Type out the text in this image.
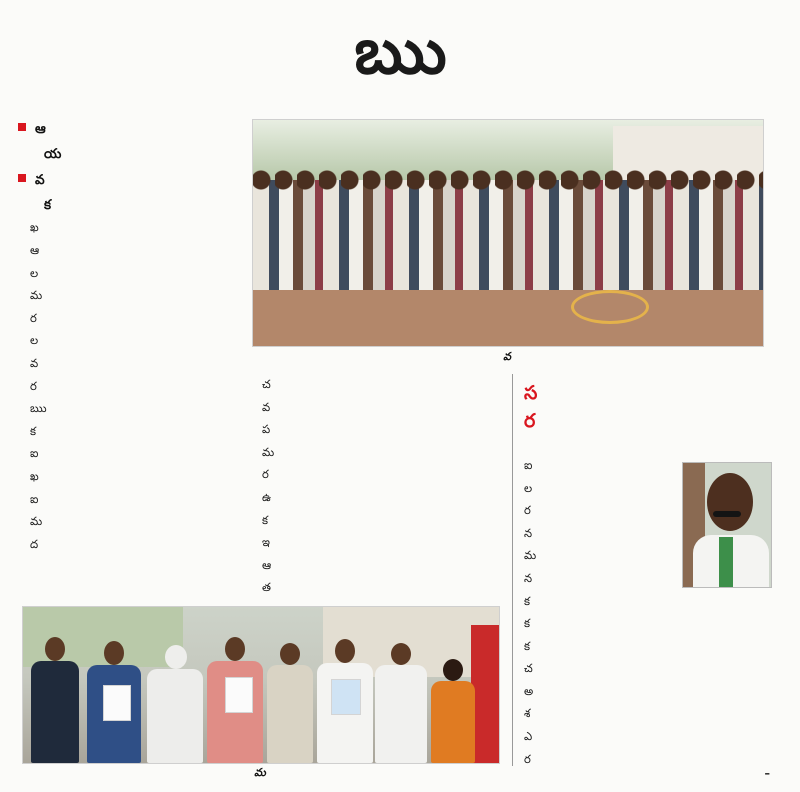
ఋ
ఆ
య
వ
క
ఖ

ఆ

ల

మ

ర

ల

వ

ర

ఋ

క

ఐ

ఖ

ఐ

మ

ద

వ

చ

వ

ప

మ

ర

ఉ

క

ఇ

ఆ

త

స
ర
ఐ
ల
ర
న
మ
న
క
క
క
చ
అ
శ
ఎ
ర
–
మ
